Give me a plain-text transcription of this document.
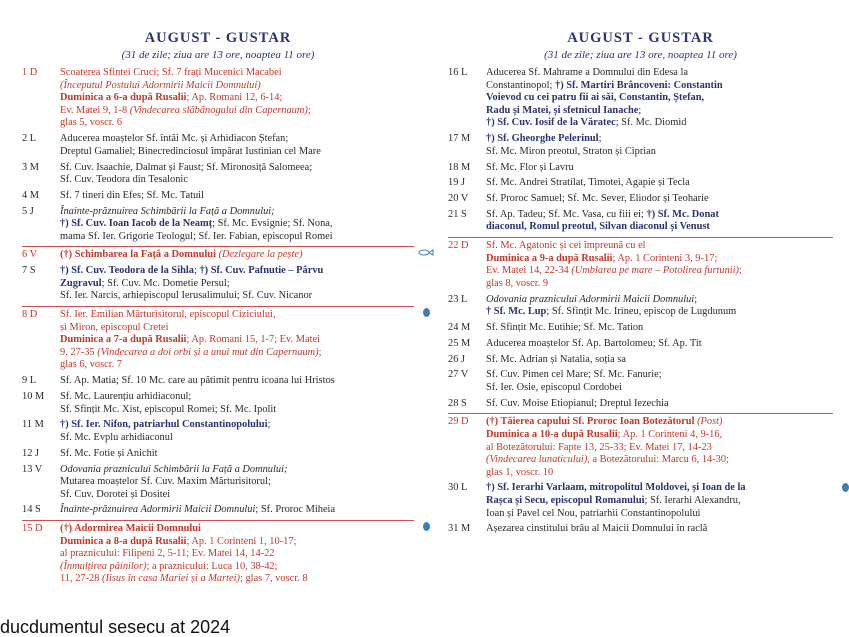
AUGUST - GUSTAR
(31 de zile; ziua are 13 ore, noaptea 11 ore)
1 D	Scoaterea Sfintei Cruci; Sf. 7 frați Mucenici Macabei
(Începutul Postului Adormirii Maicii Domnului)
Duminica a 6-a după Rusalii; Ap. Romani 12, 6-14;
Ev. Matei 9, 1-8 (Vindecarea slăbănogului din Capernaum);
glas 5, voscr. 6
2 L	Aducerea moaștelor Sf. întâi Mc. și Arhidiacon Ștefan;
Dreptul Gamaliel; Binecredinciosul împărat Iustinian cel Mare
3 M	Sf. Cuv. Isaachie, Dalmat și Faust; Sf. Mironosiță Salomeea;
Sf. Cuv. Teodora din Tesalonic
4 M	Sf. 7 tineri din Efes; Sf. Mc. Tatuil
5 J	Înainte-prăznuirea Schimbării la Față a Domnului;
†) Sf. Cuv. Ioan Iacob de la Neamț; Sf. Mc. Evsignie; Sf. Nona,
mama Sf. Ier. Grigorie Teologul; Sf. Ier. Fabian, episcopul Romei
6 V	(†) Schimbarea la Față a Domnului (Dezlegare la pește)
7 S	†) Sf. Cuv. Teodora de la Sihla; †) Sf. Cuv. Pafnutie – Pârvu
Zugravul; Sf. Cuv. Mc. Dometie Persul;
Sf. Ier. Narcis, arhiepiscopul Ierusalimului; Sf. Cuv. Nicanor
8 D	Sf. Ier. Emilian Mărturisitorul, episcopul Ciziciului,
și Miron, episcopul Cretei
Duminica a 7-a după Rusalii; Ap. Romani 15, 1-7; Ev. Matei
9, 27-35 (Vindecarea a doi orbi și a unui mut din Capernaum);
glas 6, voscr. 7
9 L	Sf. Ap. Matia; Sf. 10 Mc. care au pătimit pentru icoana lui Hristos
10 M	Sf. Mc. Laurențiu arhidiaconul;
Sf. Sfințit Mc. Xist, episcopul Romei; Sf. Mc. Ipolit
11 M	†) Sf. Ier. Nifon, patriarhul Constantinopolului;
Sf. Mc. Evplu arhidiaconul
12 J	Sf. Mc. Fotie și Anichit
13 V	Odovania praznicului Schimbării la Față a Domnului;
Mutarea moaștelor Sf. Cuv. Maxim Mărturisitorul;
Sf. Cuv. Dorotei și Dositei
14 S	Înainte-prăznuirea Adormirii Maicii Domnului; Sf. Proroc Miheia
15 D	(†) Adormirea Maicii Domnului
Duminica a 8-a după Rusalii; Ap. 1 Corinteni 1, 10-17;
al praznicului: Filipeni 2, 5-11; Ev. Matei 14, 14-22
(Înmulțirea pâinilor); a praznicului: Luca 10, 38-42;
11, 27-28 (Iisus în casa Mariei și a Martei); glas 7, voscr. 8
AUGUST - GUSTAR
(31 de zile; ziua are 13 ore, noaptea 11 ore)
16 L	Aducerea Sf. Mahrame a Domnului din Edesa la
Constantinopol; †) Sf. Martiri Brâncoveni: Constantin
Voievod cu cei patru fii ai săi, Constantin, Ștefan,
Radu și Matei, și sfetnicul Ianache;
†) Sf. Cuv. Iosif de la Văratec; Sf. Mc. Diomid
17 M	†) Sf. Gheorghe Pelerinul;
Sf. Mc. Miron preotul, Straton și Ciprian
18 M	Sf. Mc. Flor și Lavru
19 J	Sf. Mc. Andrei Stratilat, Timotei, Agapie și Tecla
20 V	Sf. Proroc Samuel; Sf. Mc. Sever, Eliodor și Teoharie
21 S	Sf. Ap. Tadeu; Sf. Mc. Vasa, cu fiii ei; †) Sf. Mc. Donat
diaconul, Romul preotul, Silvan diaconul și Venust
22 D	Sf. Mc. Agatonic și cei împreună cu el
Duminica a 9-a după Rusalii; Ap. 1 Corinteni 3, 9-17;
Ev. Matei 14, 22-34 (Umblarea pe mare – Potolirea furtunii);
glas 8, voscr. 9
23 L	Odovania praznicului Adormirii Maicii Domnului;
† Sf. Mc. Lup; Sf. Sfințit Mc. Irineu, episcop de Lugdunum
24 M	Sf. Sfințit Mc. Eutihie; Sf. Mc. Tation
25 M	Aducerea moaștelor Sf. Ap. Bartolomeu; Sf. Ap. Tit
26 J	Sf. Mc. Adrian și Natalia, soția sa
27 V	Sf. Cuv. Pimen cel Mare; Sf. Mc. Fanurie;
Sf. Ier. Osie, episcopul Cordobei
28 S	Sf. Cuv. Moise Etiopianul; Dreptul Iezechia
29 D	(†) Tăierea capului Sf. Proroc Ioan Botezătorul (Post)
Duminica a 10-a după Rusalii; Ap. 1 Corinteni 4, 9-16,
al Botezătorului: Fapte 13, 25-33; Ev. Matei 17, 14-23
(Vindecarea lunaticului), a Botezătorului: Marcu 6, 14-30;
glas 1, voscr. 10
30 L	†) Sf. Ierarhi Varlaam, mitropolitul Moldovei, și Ioan de la
Rașca și Secu, episcopul Romanului; Sf. Ierarhi Alexandru,
Ioan și Pavel cel Nou, patriarhii Constantinopolului
31 M	Așezarea cinstitului brâu al Maicii Domnului în raclă
ducdumentul sesecu at 2024
